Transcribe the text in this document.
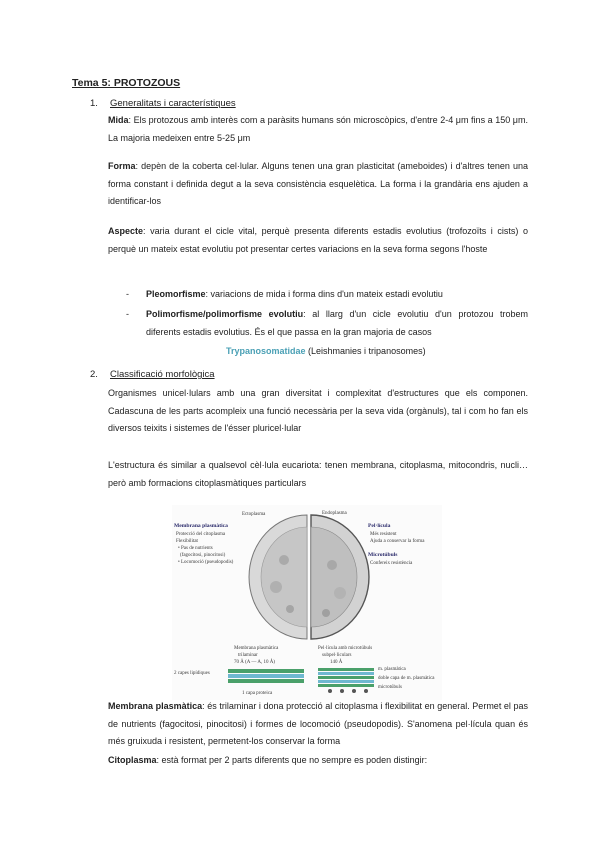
Tema 5: PROTOZOUS
1. Generalitats i característiques
Mida: Els protozous amb interès com a paràsits humans són microscòpics, d'entre 2-4 μm fins a 150 μm. La majoria medeixen entre 5-25 μm
Forma: depèn de la coberta cel·lular. Alguns tenen una gran plasticitat (ameboides) i d'altres tenen una forma constant i definida degut a la seva consistència esquelètica. La forma i la grandària ens ajuden a identificar-los
Aspecte: varia durant el cicle vital, perquè presenta diferents estadis evolutius (trofozoïts i cists) o perquè un mateix estat evolutiu pot presentar certes variacions en la seva forma segons l'hoste
- Pleomorfisme: variacions de mida i forma dins d'un mateix estadi evolutiu
- Polimorfisme/polimorfisme evolutiu: al llarg d'un cicle evolutiu d'un protozou trobem diferents estadis evolutius. És el que passa en la gran majoria de casos
Trypanosomatidae (Leishmanies i tripanosomes)
2. Classificació morfològica
Organismes unicel·lulars amb una gran diversitat i complexitat d'estructures que els componen. Cadascuna de les parts acompleix una funció necessària per la seva vida (orgànuls), tal i com ho fan els diversos teixits i sistemes de l'ésser pluricel·lular
L'estructura és similar a qualsevol cèl·lula eucariota: tenen membrana, citoplasma, mitocondris, nucli… però amb formacions citoplasmàtiques particulars
Ectoplasma	Endoplasma
Membrana plasmàtica
Protecció del citoplasma
Flexibilitat
• Pas de nutrients
(fagocitosi, pinocitosi)
• Locomoció (pseudopodis)
Pel·lícula
Més resistent
Ajuda a conservar la forma
Microtúbuls
Confereix resistència
Membrana plasmàtica
trilaminar
70 Å (A — A, 10 Å)
Pel·lícula amb microtúbuls
subpel·liculars
140 Å
2 capes lipídiques
1 capa proteica
m. plasmàtica
doble capa de m. plasmàtica
microtúbuls
Membrana plasmàtica: és trilaminar i dona protecció al citoplasma i flexibilitat en general. Permet el pas de nutrients (fagocitosi, pinocitosi) i formes de locomoció (pseudopodis). S'anomena pel·lícula quan és més gruixuda i resistent, permetent-los conservar la forma
Citoplasma: està format per 2 parts diferents que no sempre es poden distingir:
